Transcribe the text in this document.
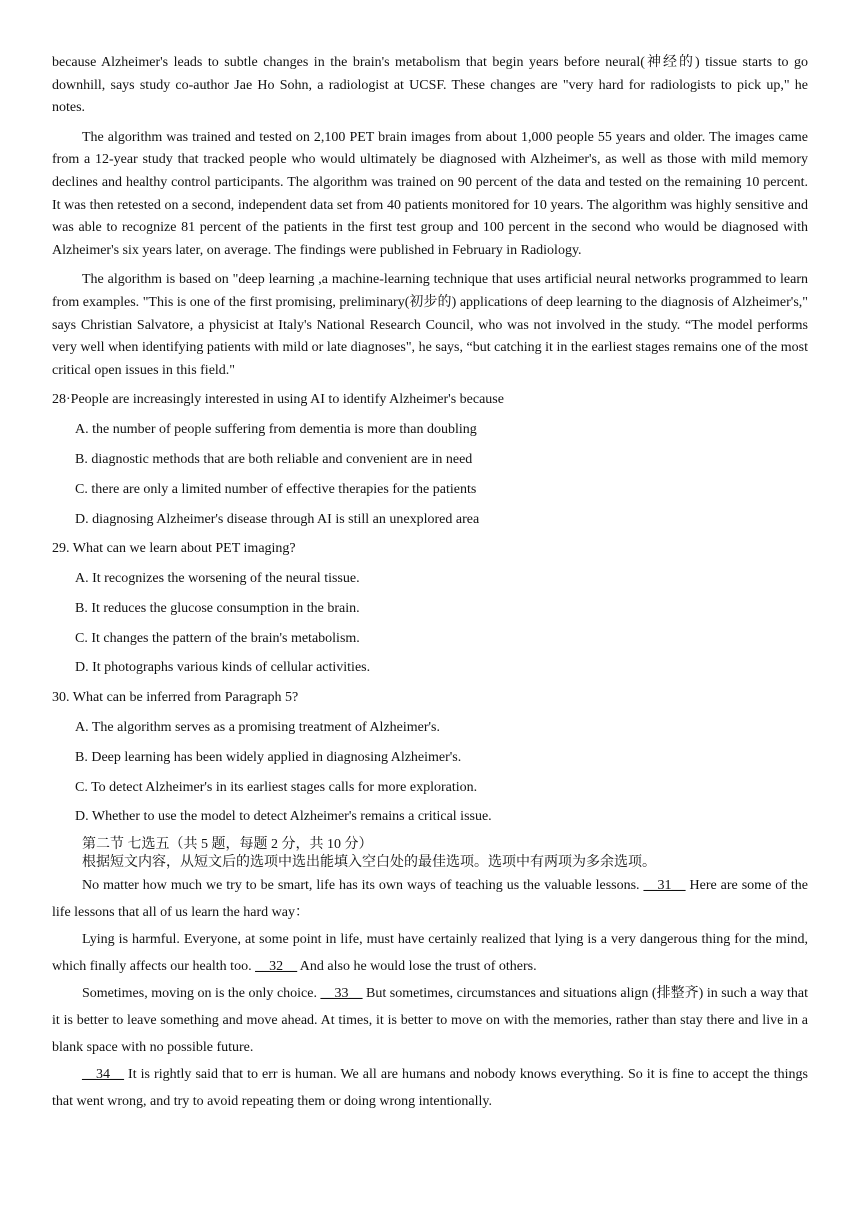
because Alzheimer's leads to subtle changes in the brain's metabolism that begin years before neural(神经的) tissue starts to go downhill, says study co-author Jae Ho Sohn, a radiologist at UCSF. These changes are "very hard for radiologists to pick up," he notes.

The algorithm was trained and tested on 2,100 PET brain images from about 1,000 people 55 years and older. The images came from a 12-year study that tracked people who would ultimately be diagnosed with Alzheimer's, as well as those with mild memory declines and healthy control participants. The algorithm was trained on 90 percent of the data and tested on the remaining 10 percent. It was then retested on a second, independent data set from 40 patients monitored for 10 years. The algorithm was highly sensitive and was able to recognize 81 percent of the patients in the first test group and 100 percent in the second who would be diagnosed with Alzheimer's six years later, on average. The findings were published in February in Radiology.

The algorithm is based on "deep learning ,a machine-learning technique that uses artificial neural networks programmed to learn from examples. "This is one of the first promising, preliminary(初步的) applications of deep learning to the diagnosis of Alzheimer's," says Christian Salvatore, a physicist at Italy's National Research Council, who was not involved in the study. “The model performs very well when identifying patients with mild or late diagnoses", he says, “but catching it in the earliest stages remains one of the most critical open issues in this field."

28·People are increasingly interested in using AI to identify Alzheimer's because

A. the number of people suffering from dementia is more than doubling

B. diagnostic methods that are both reliable and convenient are in need

C. there are only a limited number of effective therapies for the patients

D. diagnosing Alzheimer's disease through AI is still an unexplored area

29. What can we learn about PET imaging?

A. It recognizes the worsening of the neural tissue.

B. It reduces the glucose consumption in the brain.

C. It changes the pattern of the brain's metabolism.

D. It photographs various kinds of cellular activities.

30. What can be inferred from Paragraph 5?

A. The algorithm serves as a promising treatment of Alzheimer's.

B. Deep learning has been widely applied in diagnosing Alzheimer's.

C. To detect Alzheimer's in its earliest stages calls for more exploration.

D. Whether to use the model to detect Alzheimer's remains a critical issue.

第二节 七选五（共 5 题，每题 2 分，共 10 分）

根据短文内容，从短文后的选项中选出能填入空白处的最佳选项。选项中有两项为多余选项。

No matter how much we try to be smart, life has its own ways of teaching us the valuable lessons. __31__ Here are some of the life lessons that all of us learn the hard way：

Lying is harmful. Everyone, at some point in life, must have certainly realized that lying is a very dangerous thing for the mind, which finally affects our health too. __32__ And also he would lose the trust of others.

Sometimes, moving on is the only choice. __33__ But sometimes, circumstances and situations align (排整齐) in such a way that it is better to leave something and move ahead. At times, it is better to move on with the memories, rather than stay there and live in a blank space with no possible future.

__34__ It is rightly said that to err is human. We all are humans and nobody knows everything. So it is fine to accept the things that went wrong, and try to avoid repeating them or doing wrong intentionally.
